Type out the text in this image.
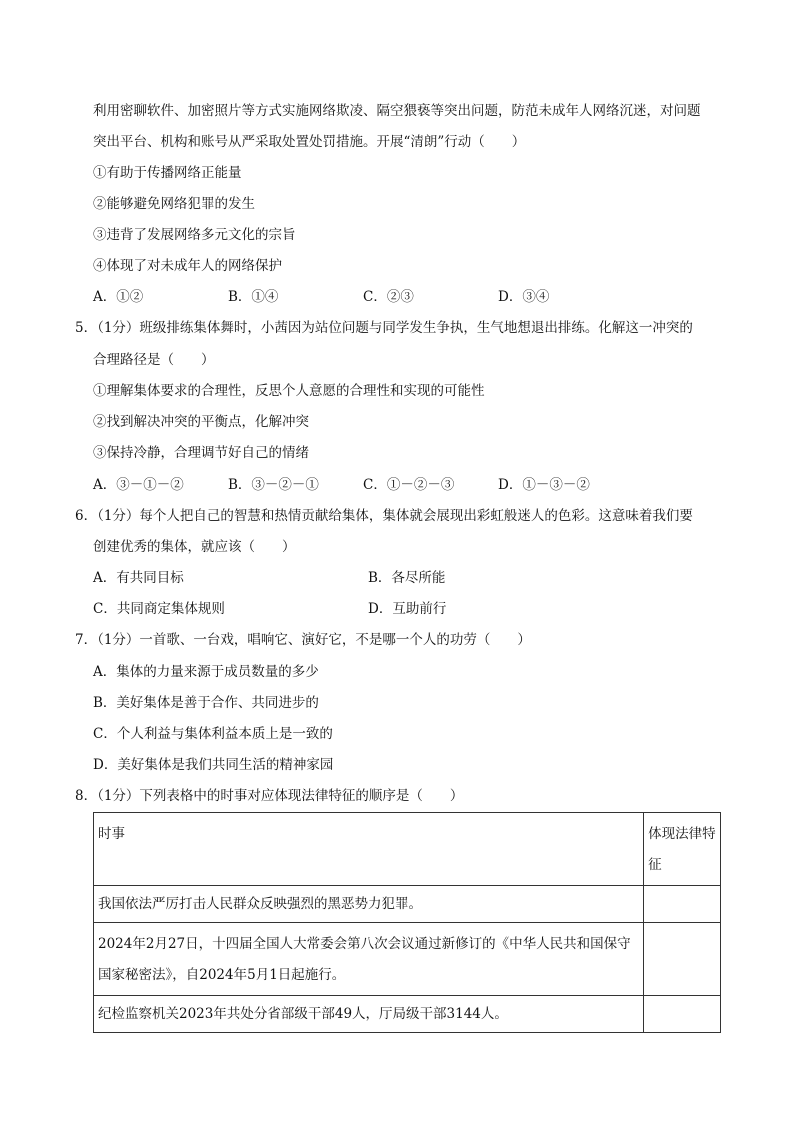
利用密聊软件、加密照片等方式实施网络欺凌、隔空猥亵等突出问题，防范未成年人网络沉迷，对问题
突出平台、机构和账号从严采取处置处罚措施。开展“清朗”行动（　　）
①有助于传播网络正能量
②能够避免网络犯罪的发生
③违背了发展网络多元文化的宗旨
④体现了对未成年人的网络保护
A．①②	B．①④	C．②③	D．③④
5．（1分）班级排练集体舞时，小茜因为站位问题与同学发生争执，生气地想退出排练。化解这一冲突的
合理路径是（　　）
①理解集体要求的合理性，反思个人意愿的合理性和实现的可能性
②找到解决冲突的平衡点，化解冲突
③保持冷静，合理调节好自己的情绪
A．③－①－②	B．③－②－①	C．①－②－③	D．①－③－②
6．（1分）每个人把自己的智慧和热情贡献给集体，集体就会展现出彩虹般迷人的色彩。这意味着我们要
创建优秀的集体，就应该（　　）
A．有共同目标	B．各尽所能
C．共同商定集体规则	D．互助前行
7．（1分）一首歌、一台戏，唱响它、演好它，不是哪一个人的功劳（　　）
A．集体的力量来源于成员数量的多少
B．美好集体是善于合作、共同进步的
C．个人利益与集体利益本质上是一致的
D．美好集体是我们共同生活的精神家园
8．（1分）下列表格中的时事对应体现法律特征的顺序是（　　）
时事	体现法律特征
我国依法严厉打击人民群众反映强烈的黑恶势力犯罪。	
2024年2月27日，十四届全国人大常委会第八次会议通过新修订的《中华人民共和国保守国家秘密法》，自2024年5月1日起施行。	
纪检监察机关2023年共处分省部级干部49人，厅局级干部3144人。	
